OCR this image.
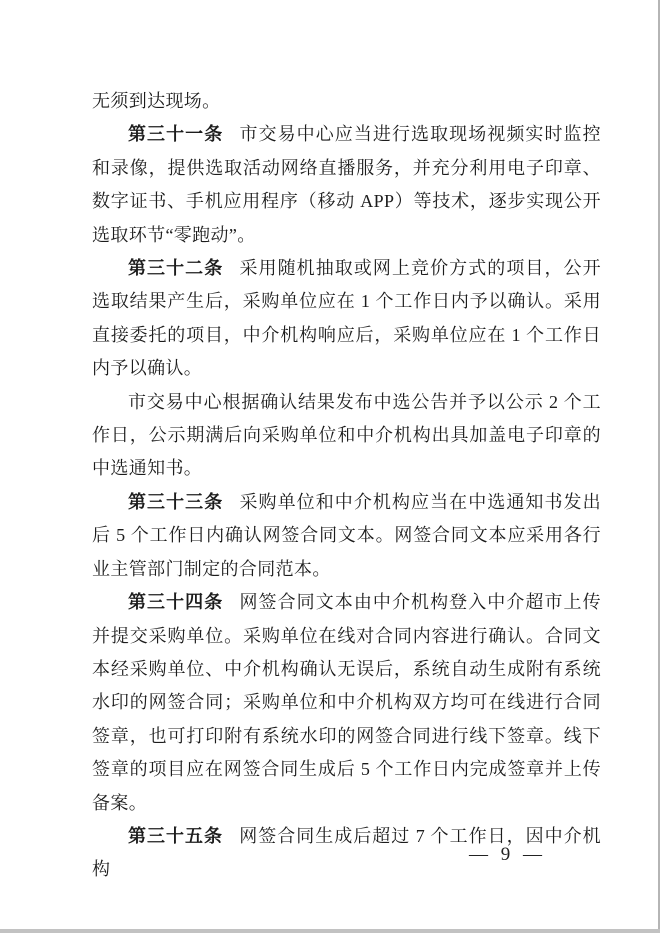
无须到达现场。

第三十一条 市交易中心应当进行选取现场视频实时监控和录像，提供选取活动网络直播服务，并充分利用电子印章、数字证书、手机应用程序（移动 APP）等技术，逐步实现公开选取环节“零跑动”。

第三十二条 采用随机抽取或网上竞价方式的项目，公开选取结果产生后，采购单位应在 1 个工作日内予以确认。采用直接委托的项目，中介机构响应后，采购单位应在 1 个工作日内予以确认。

市交易中心根据确认结果发布中选公告并予以公示 2 个工作日，公示期满后向采购单位和中介机构出具加盖电子印章的中选通知书。

第三十三条 采购单位和中介机构应当在中选通知书发出后 5 个工作日内确认网签合同文本。网签合同文本应采用各行业主管部门制定的合同范本。

第三十四条 网签合同文本由中介机构登入中介超市上传并提交采购单位。采购单位在线对合同内容进行确认。合同文本经采购单位、中介机构确认无误后，系统自动生成附有系统水印的网签合同；采购单位和中介机构双方均可在线进行合同签章，也可打印附有系统水印的网签合同进行线下签章。线下签章的项目应在网签合同生成后 5 个工作日内完成签章并上传备案。

第三十五条 网签合同生成后超过 7 个工作日，因中介机构

— 9 —
